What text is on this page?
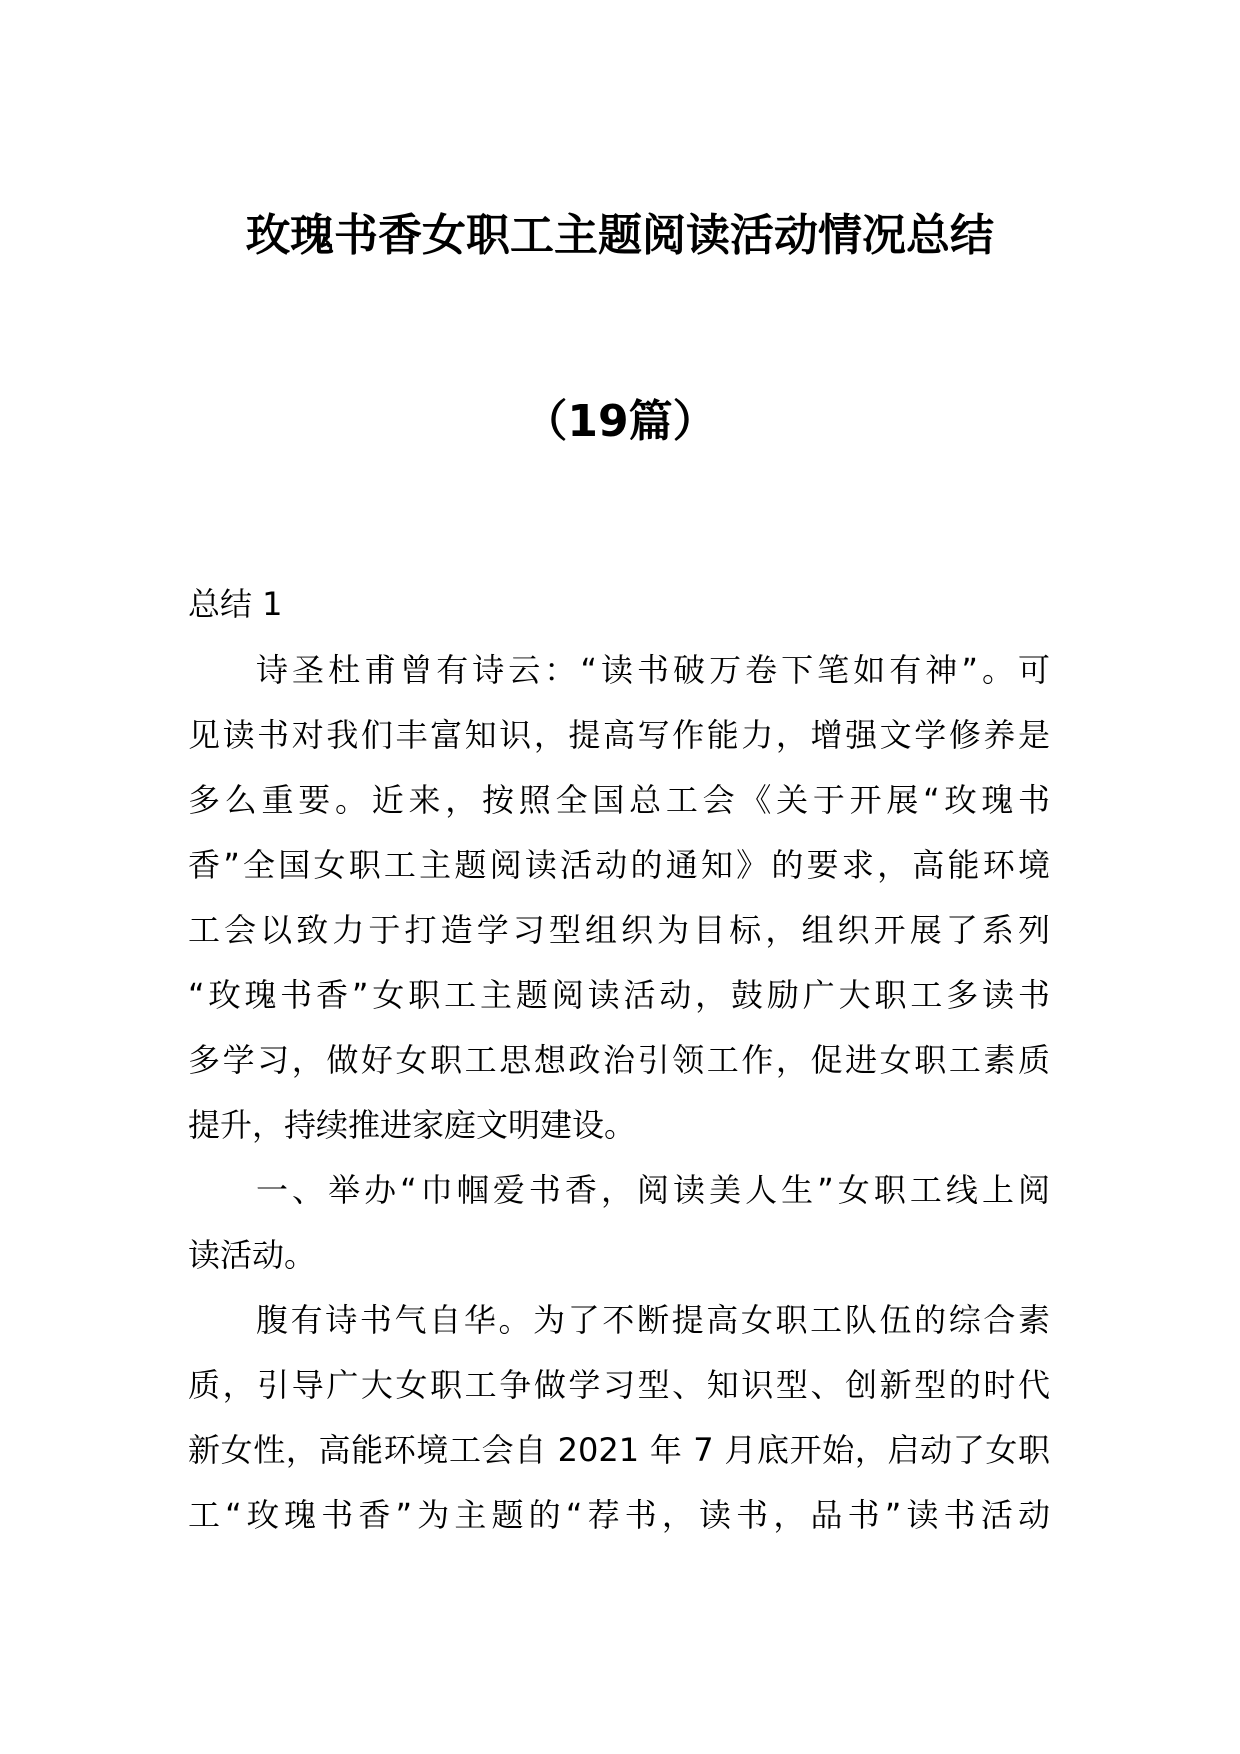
玫瑰书香女职工主题阅读活动情况总结
（19篇）
总结 1
诗圣杜甫曾有诗云：“读书破万卷下笔如有神”。可
见读书对我们丰富知识，提高写作能力，增强文学修养是
多么重要。近来，按照全国总工会《关于开展“玫瑰书
香”全国女职工主题阅读活动的通知》的要求，高能环境
工会以致力于打造学习型组织为目标，组织开展了系列
“玫瑰书香”女职工主题阅读活动，鼓励广大职工多读书
多学习，做好女职工思想政治引领工作，促进女职工素质
提升，持续推进家庭文明建设。
一、举办“巾帼爱书香，阅读美人生”女职工线上阅
读活动。
腹有诗书气自华。为了不断提高女职工队伍的综合素
质，引导广大女职工争做学习型、知识型、创新型的时代
新女性，高能环境工会自 2021 年 7 月底开始，启动了女职
工“玫瑰书香”为主题的“荐书，读书，品书”读书活动
